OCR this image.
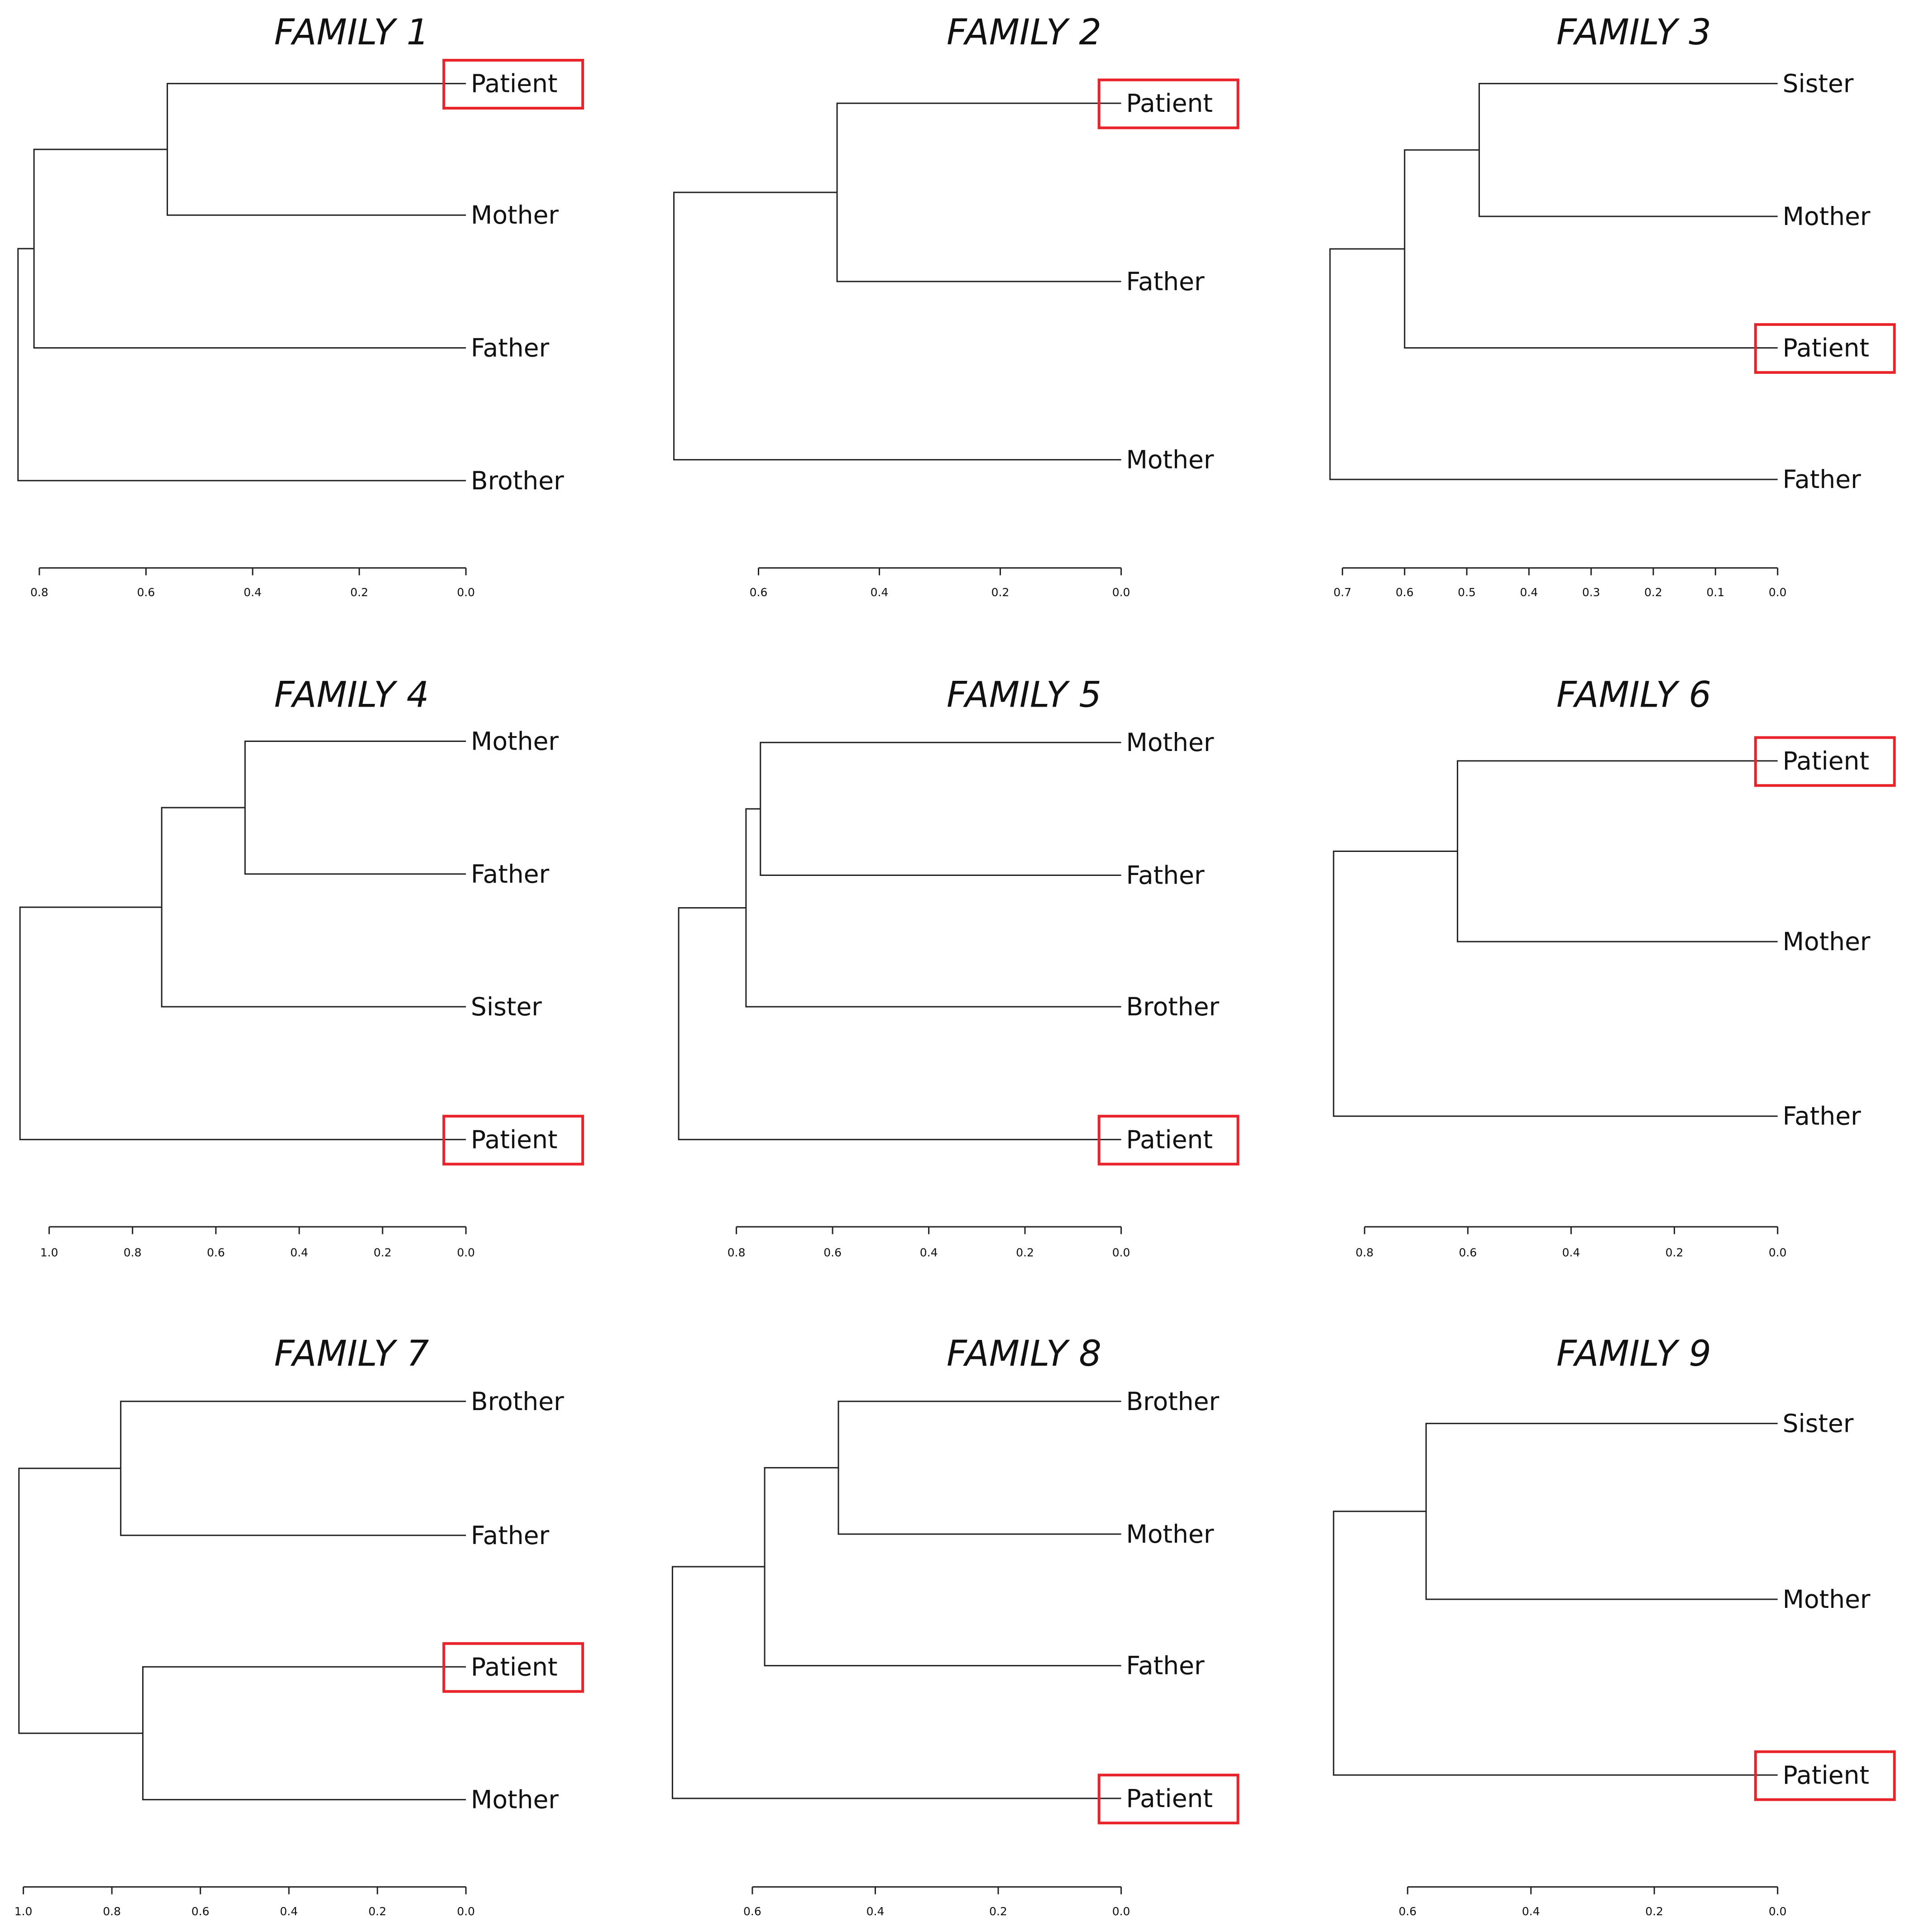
FAMILY 1
Patient
Mother
Father
Brother
0.8	0.6	0.4	0.2	0.0
FAMILY 2
Patient
Father
Mother
0.6	0.4	0.2	0.0
FAMILY 3
Sister
Mother
Patient
Father
0.7	0.6	0.5	0.4	0.3	0.2	0.1	0.0
FAMILY 4
Mother
Father
Sister
Patient
1.0	0.8	0.6	0.4	0.2	0.0
FAMILY 5
Mother
Father
Brother
Patient
0.8	0.6	0.4	0.2	0.0
FAMILY 6
Patient
Mother
Father
0.8	0.6	0.4	0.2	0.0
FAMILY 7
Brother
Father
Patient
Mother
1.0	0.8	0.6	0.4	0.2	0.0
FAMILY 8
Brother
Mother
Father
Patient
0.6	0.4	0.2	0.0
FAMILY 9
Sister
Mother
Patient
0.6	0.4	0.2	0.0
